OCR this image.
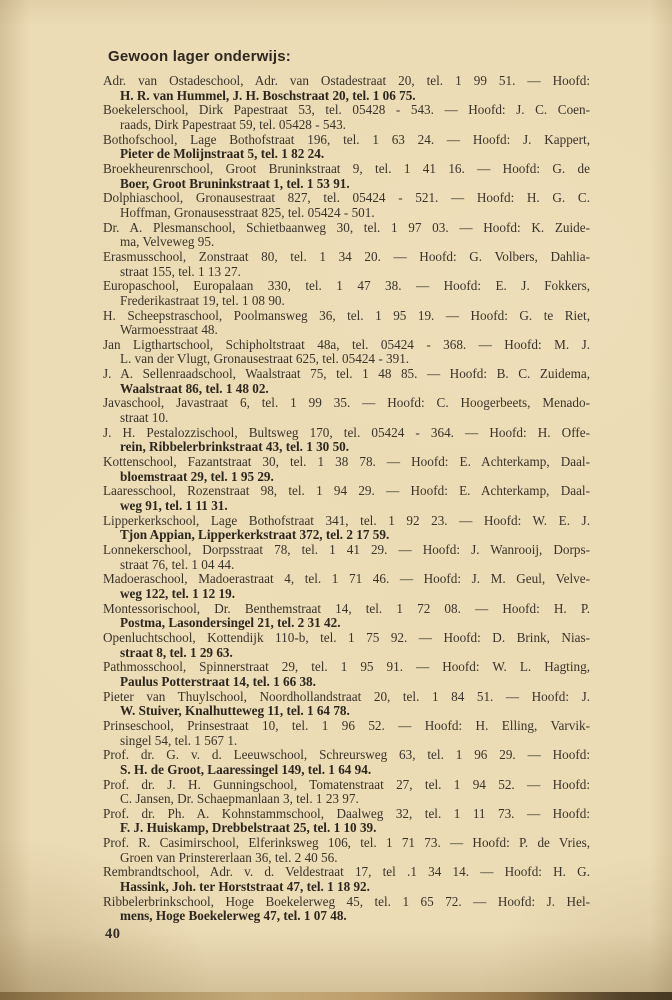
Gewoon lager onderwijs:

Adr. van Ostadeschool, Adr. van Ostadestraat 20, tel. 1 99 51. — Hoofd:
H. R. van Hummel, J. H. Boschstraat 20, tel. 1 06 75.

Boekelerschool, Dirk Papestraat 53, tel. 05428 - 543. — Hoofd: J. C. Coen-
raads, Dirk Papestraat 59, tel. 05428 - 543.

Bothofschool, Lage Bothofstraat 196, tel. 1 63 24. — Hoofd: J. Kappert,
Pieter de Molijnstraat 5, tel. 1 82 24.

Broekheurenrschool, Groot Bruninkstraat 9, tel. 1 41 16. — Hoofd: G. de
Boer, Groot Bruninkstraat 1, tel. 1 53 91.

Dolphiaschool, Gronausestraat 827, tel. 05424 - 521. — Hoofd: H. G. C.
Hoffman, Gronausesstraat 825, tel. 05424 - 501.

Dr. A. Plesmanschool, Schietbaanweg 30, tel. 1 97 03. — Hoofd: K. Zuide-
ma, Velveweg 95.

Erasmusschool, Zonstraat 80, tel. 1 34 20. — Hoofd: G. Volbers, Dahlia-
straat 155, tel. 1 13 27.

Europaschool, Europalaan 330, tel. 1 47 38. — Hoofd: E. J. Fokkers,
Frederikastraat 19, tel. 1 08 90.

H. Scheepstraschool, Poolmansweg 36, tel. 1 95 19. — Hoofd: G. te Riet,
Warmoesstraat 48.

Jan Ligthartschool, Schipholtstraat 48a, tel. 05424 - 368. — Hoofd: M. J.
L. van der Vlugt, Gronausestraat 625, tel. 05424 - 391.

J. A. Sellenraadschool, Waalstraat 75, tel. 1 48 85. — Hoofd: B. C. Zuidema,
Waalstraat 86, tel. 1 48 02.

Javaschool, Javastraat 6, tel. 1 99 35. — Hoofd: C. Hoogerbeets, Menado-
straat 10.

J. H. Pestalozzischool, Bultsweg 170, tel. 05424 - 364. — Hoofd: H. Offe-
rein, Ribbelerbrinkstraat 43, tel. 1 30 50.

Kottenschool, Fazantstraat 30, tel. 1 38 78. — Hoofd: E. Achterkamp, Daal-
bloemstraat 29, tel. 1 95 29.

Laaresschool, Rozenstraat 98, tel. 1 94 29. — Hoofd: E. Achterkamp, Daal-
weg 91, tel. 1 11 31.

Lipperkerkschool, Lage Bothofstraat 341, tel. 1 92 23. — Hoofd: W. E. J.
Tjon Appian, Lipperkerkstraat 372, tel. 2 17 59.

Lonnekerschool, Dorpsstraat 78, tel. 1 41 29. — Hoofd: J. Wanrooij, Dorps-
straat 76, tel. 1 04 44.

Madoeraschool, Madoerastraat 4, tel. 1 71 46. — Hoofd: J. M. Geul, Velve-
weg 122, tel. 1 12 19.

Montessorischool, Dr. Benthemstraat 14, tel. 1 72 08. — Hoofd: H. P.
Postma, Lasondersingel 21, tel. 2 31 42.

Openluchtschool, Kottendijk 110-b, tel. 1 75 92. — Hoofd: D. Brink, Nias-
straat 8, tel. 1 29 63.

Pathmosschool, Spinnerstraat 29, tel. 1 95 91. — Hoofd: W. L. Hagting,
Paulus Potterstraat 14, tel. 1 66 38.

Pieter van Thuylschool, Noordhollandstraat 20, tel. 1 84 51. — Hoofd: J.
W. Stuiver, Knalhutteweg 11, tel. 1 64 78.

Prinseschool, Prinsestraat 10, tel. 1 96 52. — Hoofd: H. Elling, Varvik-
singel 54, tel. 1 567 1.

Prof. dr. G. v. d. Leeuwschool, Schreursweg 63, tel. 1 96 29. — Hoofd:
S. H. de Groot, Laaressingel 149, tel. 1 64 94.

Prof. dr. J. H. Gunningschool, Tomatenstraat 27, tel. 1 94 52. — Hoofd:
C. Jansen, Dr. Schaepmanlaan 3, tel. 1 23 97.

Prof. dr. Ph. A. Kohnstammschool, Daalweg 32, tel. 1 11 73. — Hoofd:
F. J. Huiskamp, Drebbelstraat 25, tel. 1 10 39.

Prof. R. Casimirschool, Elferinksweg 106, tel. 1 71 73. — Hoofd: P. de Vries,
Groen van Prinstererlaan 36, tel. 2 40 56.

Rembrandtschool, Adr. v. d. Veldestraat 17, tel .1 34 14. — Hoofd: H. G.
Hassink, Joh. ter Horststraat 47, tel. 1 18 92.

Ribbelerbrinkschool, Hoge Boekelerweg 45, tel. 1 65 72. — Hoofd: J. Hel-
mens, Hoge Boekelerweg 47, tel. 1 07 48.

40
